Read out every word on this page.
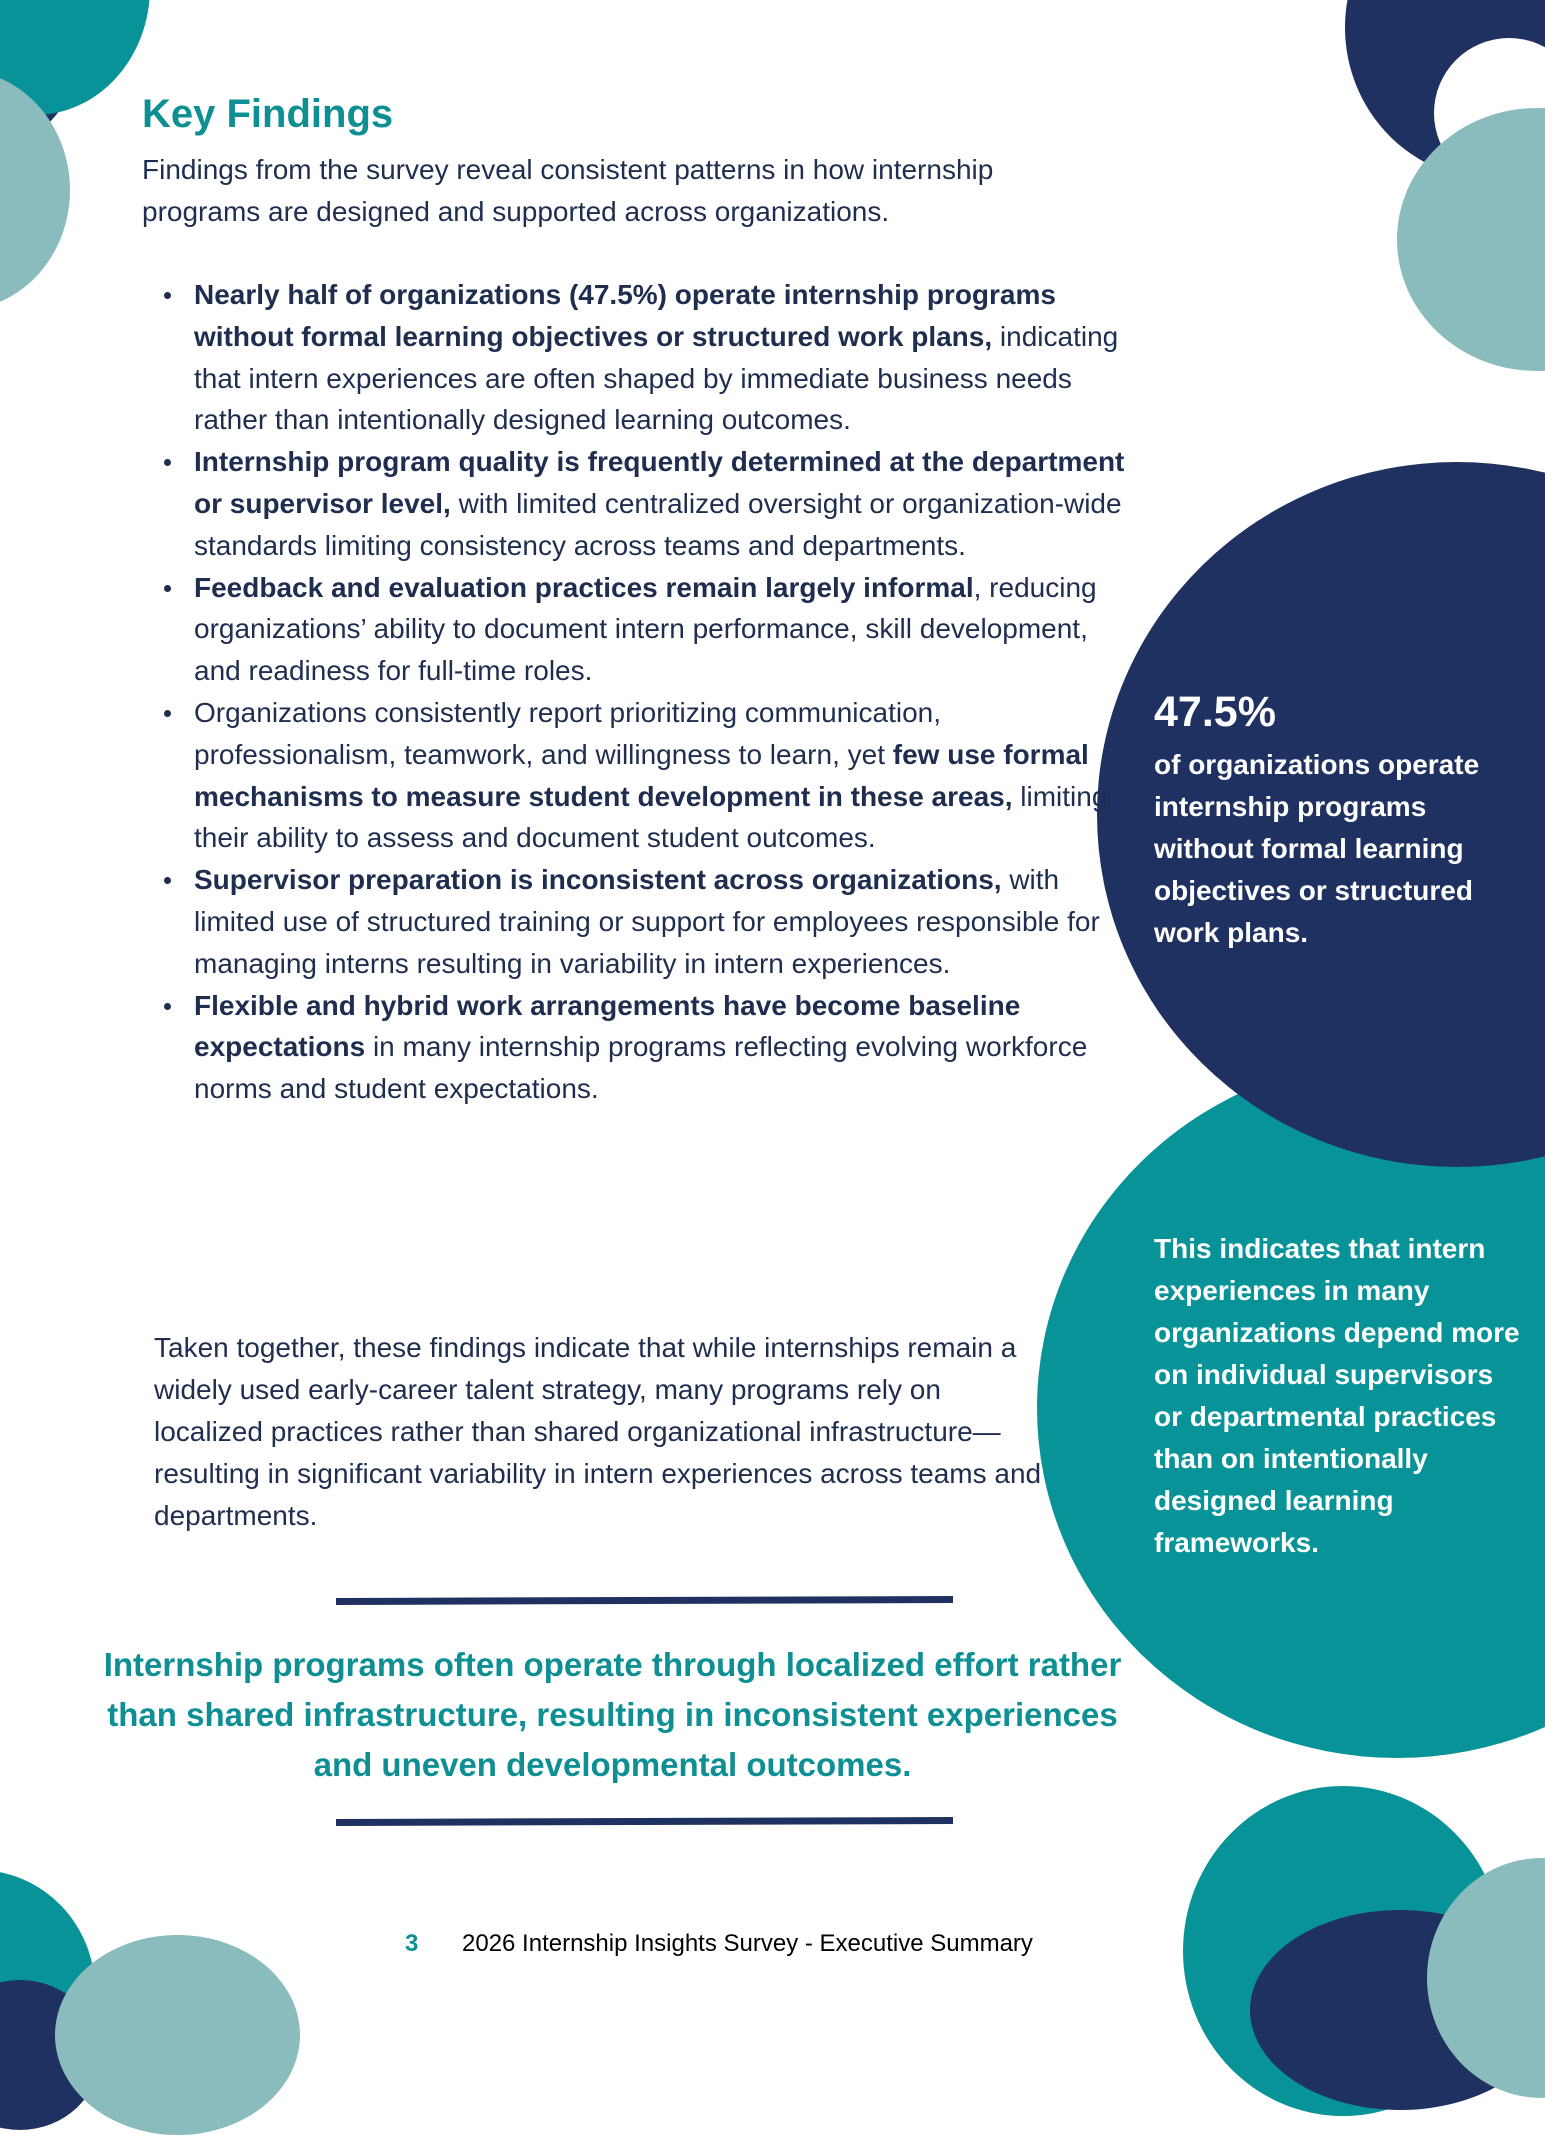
Key Findings

Findings from the survey reveal consistent patterns in how internship programs are designed and supported across organizations.

Nearly half of organizations (47.5%) operate internship programs without formal learning objectives or structured work plans, indicating that intern experiences are often shaped by immediate business needs rather than intentionally designed learning outcomes.
Internship program quality is frequently determined at the department or supervisor level, with limited centralized oversight or organization-wide standards limiting consistency across teams and departments.
Feedback and evaluation practices remain largely informal, reducing organizations’ ability to document intern performance, skill development, and readiness for full-time roles.
Organizations consistently report prioritizing communication, professionalism, teamwork, and willingness to learn, yet few use formal mechanisms to measure student development in these areas, limiting their ability to assess and document student outcomes.
Supervisor preparation is inconsistent across organizations, with limited use of structured training or support for employees responsible for managing interns resulting in variability in intern experiences.
Flexible and hybrid work arrangements have become baseline expectations in many internship programs reflecting evolving workforce norms and student expectations.

Taken together, these findings indicate that while internships remain a widely used early-career talent strategy, many programs rely on localized practices rather than shared organizational infrastructure—resulting in significant variability in intern experiences across teams and departments.

Internship programs often operate through localized effort rather than shared infrastructure, resulting in inconsistent experiences and uneven developmental outcomes.

47.5%

of organizations operate internship programs without formal learning objectives or structured work plans.

This indicates that intern experiences in many organizations depend more on individual supervisors or departmental practices than on intentionally designed learning frameworks.

3 2026 Internship Insights Survey - Executive Summary
